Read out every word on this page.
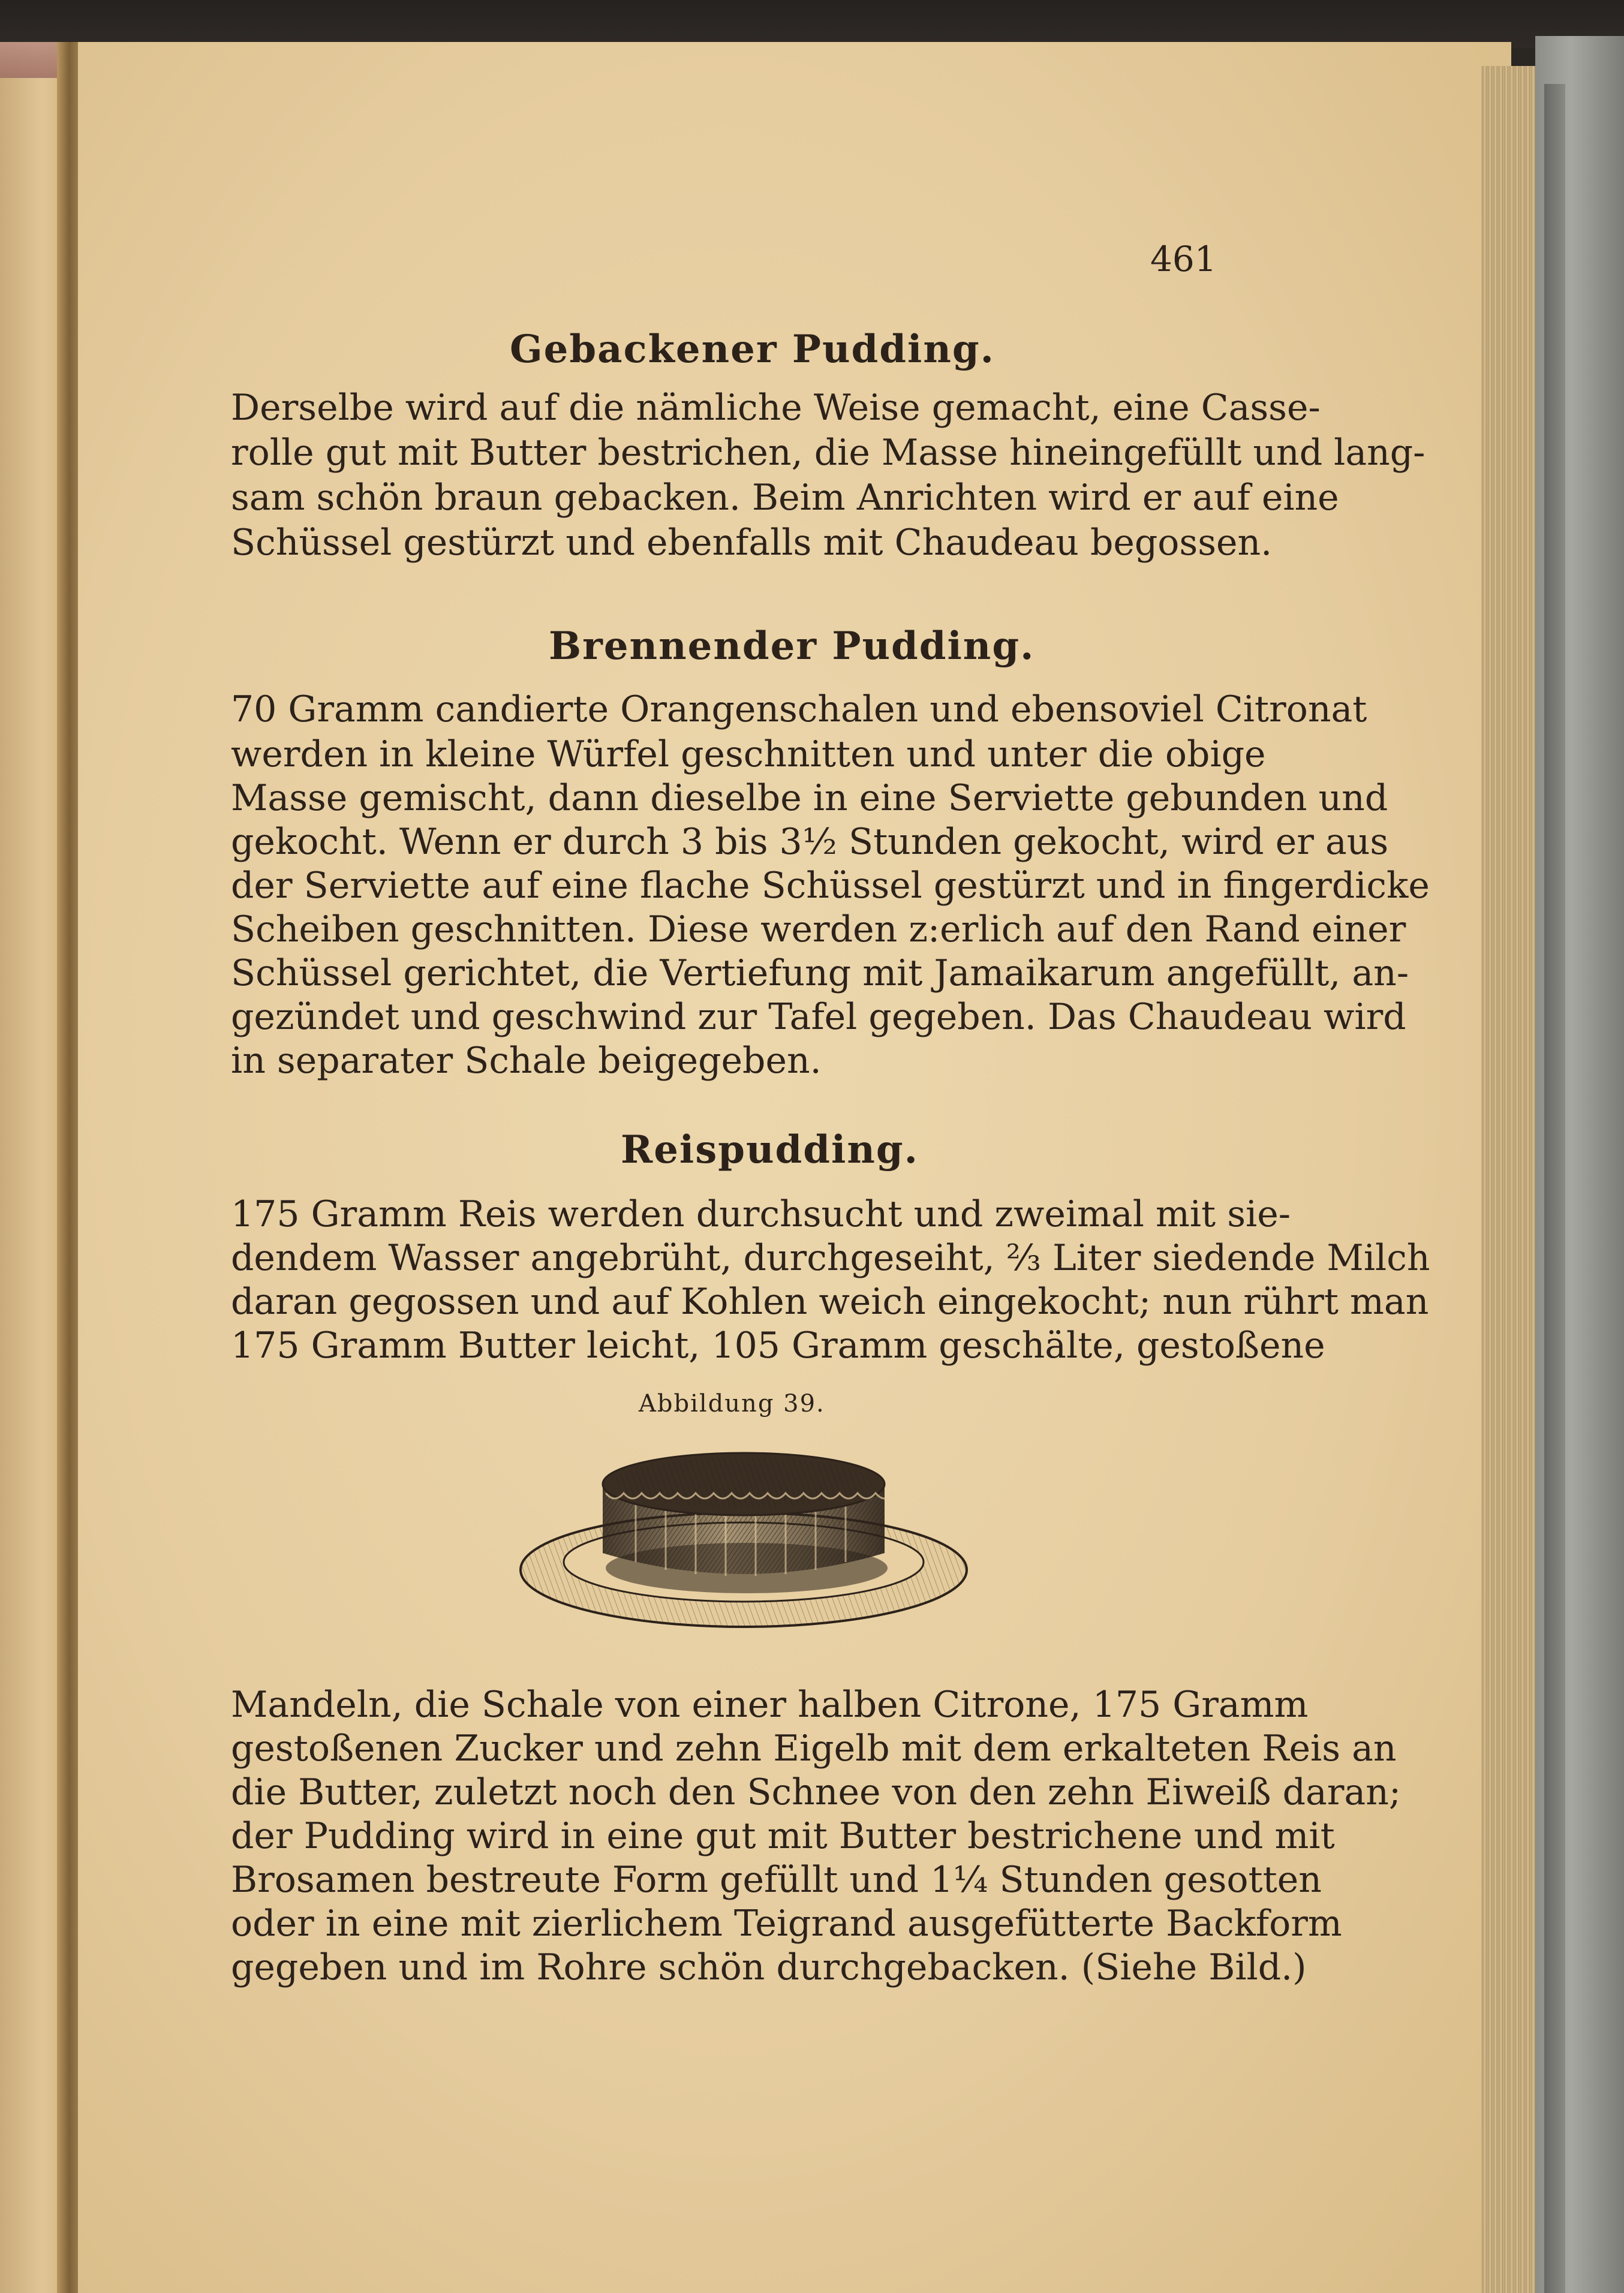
461
Gebackener Pudding.
Derselbe wird auf die nämliche Weise gemacht, eine Casse-
rolle gut mit Butter bestrichen, die Masse hineingefüllt und lang-
sam schön braun gebacken. Beim Anrichten wird er auf eine
Schüssel gestürzt und ebenfalls mit Chaudeau begossen.
Brennender Pudding.
70 Gramm candierte Orangenschalen und ebensoviel Citronat
werden in kleine Würfel geschnitten und unter die obige
Masse gemischt, dann dieselbe in eine Serviette gebunden und
gekocht. Wenn er durch 3 bis 3½ Stunden gekocht, wird er aus
der Serviette auf eine flache Schüssel gestürzt und in fingerdicke
Scheiben geschnitten. Diese werden z:erlich auf den Rand einer
Schüssel gerichtet, die Vertiefung mit Jamaikarum angefüllt, an-
gezündet und geschwind zur Tafel gegeben. Das Chaudeau wird
in separater Schale beigegeben.
Reispudding.
175 Gramm Reis werden durchsucht und zweimal mit sie-
dendem Wasser angebrüht, durchgeseiht, ⅔ Liter siedende Milch
daran gegossen und auf Kohlen weich eingekocht; nun rührt man
175 Gramm Butter leicht, 105 Gramm geschälte, gestoßene
Abbildung 39.
Mandeln, die Schale von einer halben Citrone, 175 Gramm
gestoßenen Zucker und zehn Eigelb mit dem erkalteten Reis an
die Butter, zuletzt noch den Schnee von den zehn Eiweiß daran;
der Pudding wird in eine gut mit Butter bestrichene und mit
Brosamen bestreute Form gefüllt und 1¼ Stunden gesotten
oder in eine mit zierlichem Teigrand ausgefütterte Backform
gegeben und im Rohre schön durchgebacken. (Siehe Bild.)
